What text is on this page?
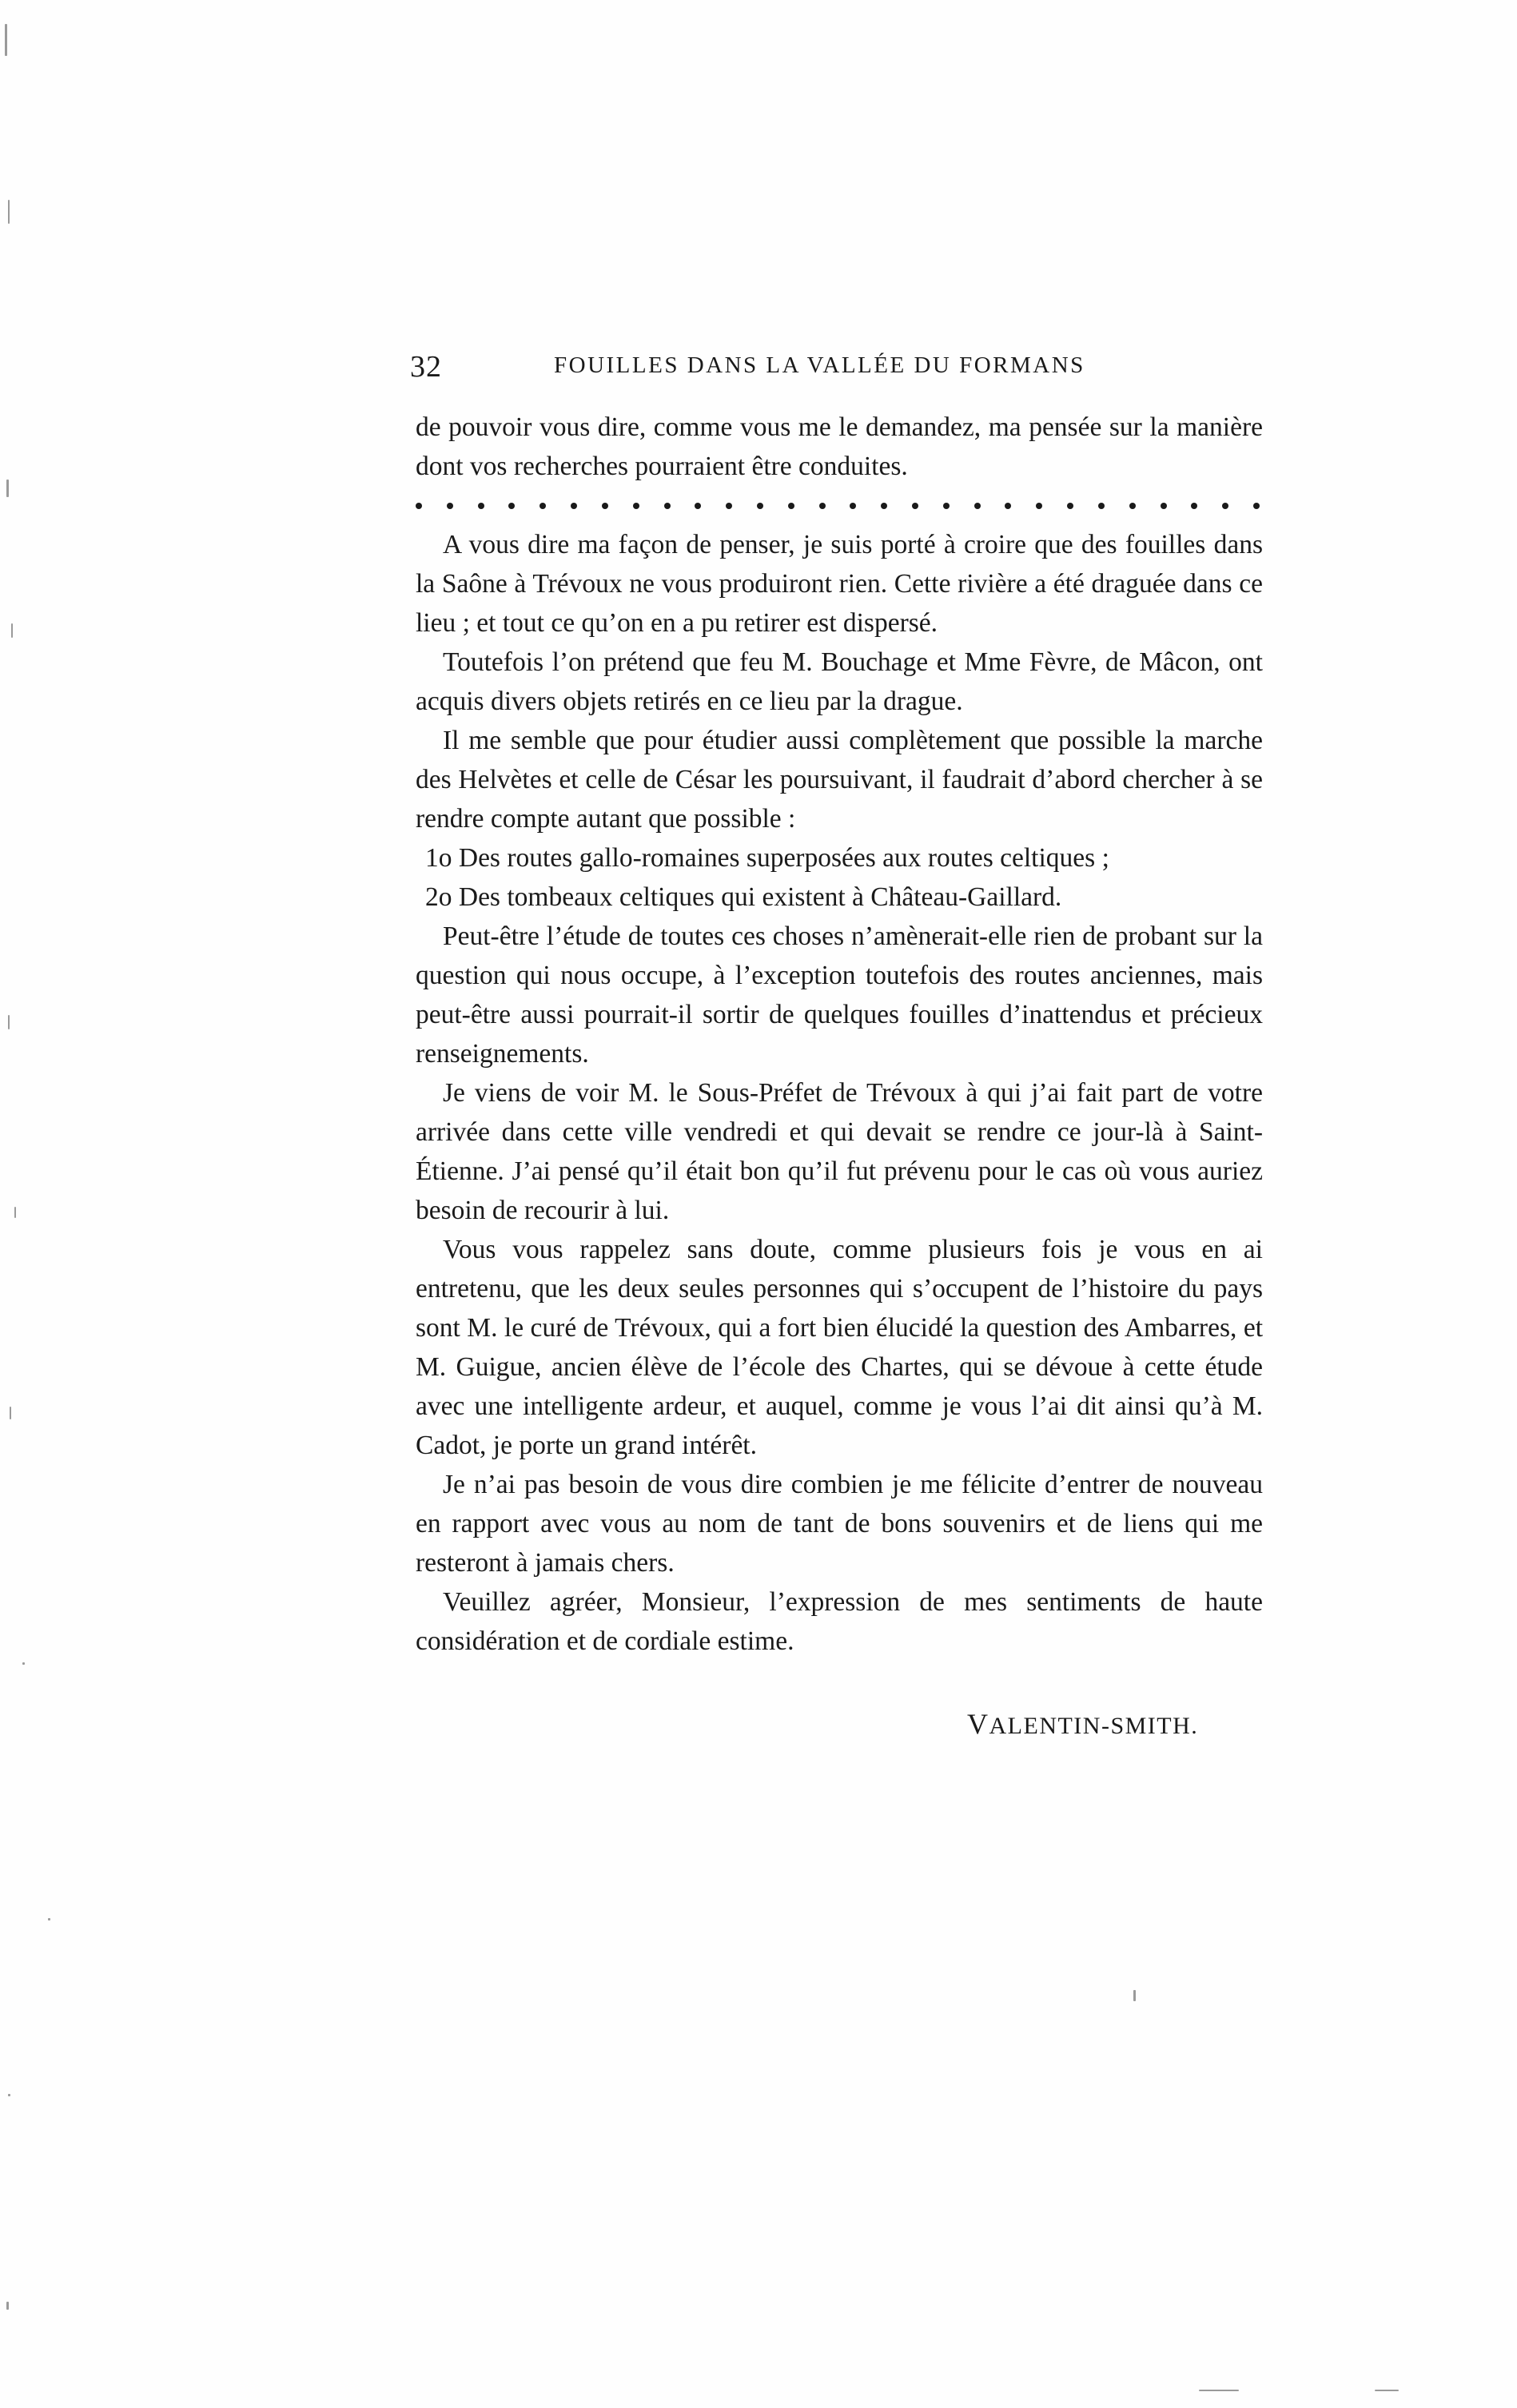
32	FOUILLES DANS LA VALLÉE DU FORMANS

de pouvoir vous dire, comme vous me le demandez, ma pensée sur la manière dont vos recherches pourraient être conduites.

A vous dire ma façon de penser, je suis porté à croire que des fouilles dans la Saône à Trévoux ne vous produiront rien. Cette rivière a été draguée dans ce lieu ; et tout ce qu’on en a pu retirer est dispersé.

Toutefois l’on prétend que feu M. Bouchage et Mme Fèvre, de Mâcon, ont acquis divers objets retirés en ce lieu par la drague.

Il me semble que pour étudier aussi complètement que possible la marche des Helvètes et celle de César les poursuivant, il faudrait d’abord chercher à se rendre compte autant que possible :

1o Des routes gallo-romaines superposées aux routes celtiques ;

2o Des tombeaux celtiques qui existent à Château-Gaillard.

Peut-être l’étude de toutes ces choses n’amènerait-elle rien de probant sur la question qui nous occupe, à l’exception toutefois des routes anciennes, mais peut-être aussi pourrait-il sortir de quelques fouilles d’inattendus et précieux renseignements.

Je viens de voir M. le Sous-Préfet de Trévoux à qui j’ai fait part de votre arrivée dans cette ville vendredi et qui devait se rendre ce jour-là à Saint-Étienne. J’ai pensé qu’il était bon qu’il fut prévenu pour le cas où vous auriez besoin de recourir à lui.

Vous vous rappelez sans doute, comme plusieurs fois je vous en ai entretenu, que les deux seules personnes qui s’occupent de l’histoire du pays sont M. le curé de Trévoux, qui a fort bien élucidé la question des Ambarres, et M. Guigue, ancien élève de l’école des Chartes, qui se dévoue à cette étude avec une intelligente ardeur, et auquel, comme je vous l’ai dit ainsi qu’à M. Cadot, je porte un grand intérêt.

Je n’ai pas besoin de vous dire combien je me félicite d’entrer de nouveau en rapport avec vous au nom de tant de bons souvenirs et de liens qui me resteront à jamais chers.

Veuillez agréer, Monsieur, l’expression de mes sentiments de haute considération et de cordiale estime.

VALENTIN-SMITH.
